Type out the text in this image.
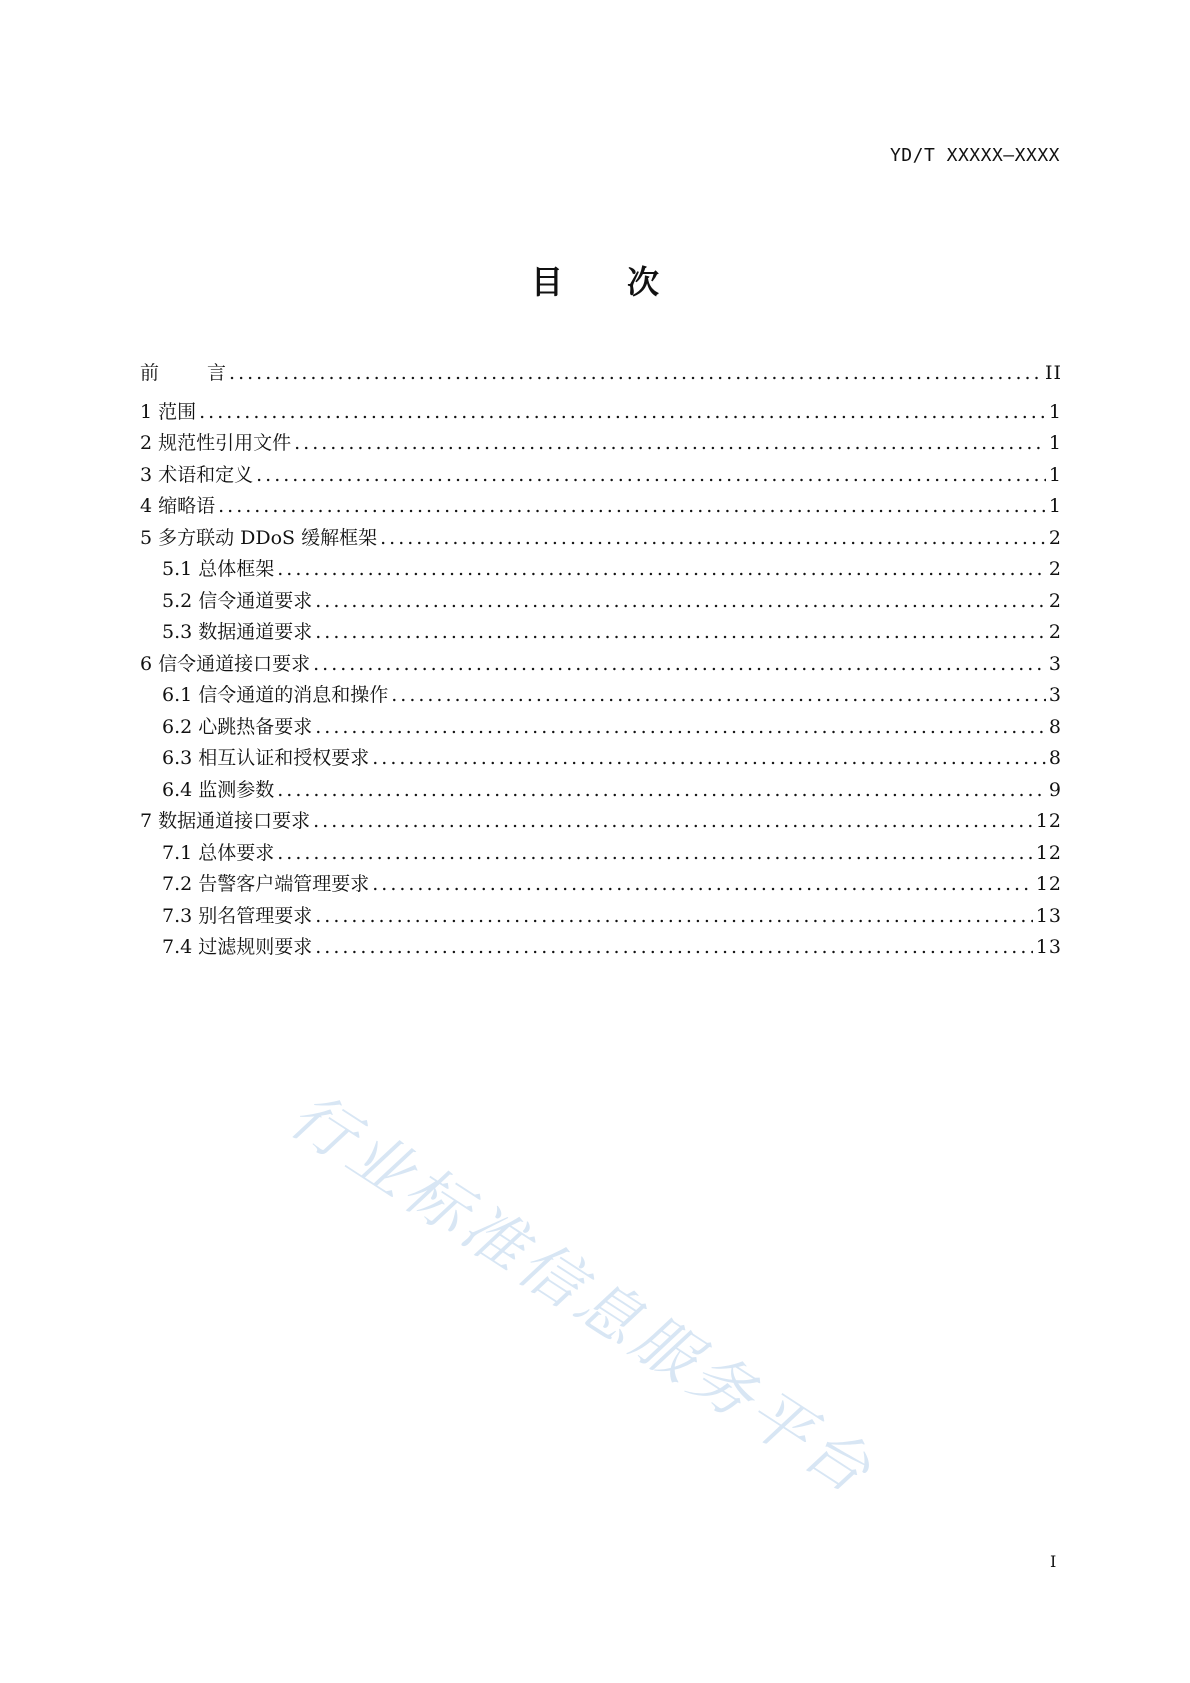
YD/T XXXXX—XXXX
目 次
前	言 .....	II
1 范围 .....	1
2 规范性引用文件 .....	1
3 术语和定义 .....	1
4 缩略语 .....	1
5 多方联动 DDoS 缓解框架 .....	2
5.1 总体框架 .....	2
5.2 信令通道要求 .....	2
5.3 数据通道要求 .....	2
6 信令通道接口要求 .....	3
6.1 信令通道的消息和操作 .....	3
6.2 心跳热备要求 .....	8
6.3 相互认证和授权要求 .....	8
6.4 监测参数 .....	9
7 数据通道接口要求 .....	12
7.1 总体要求 .....	12
7.2 告警客户端管理要求 .....	12
7.3 别名管理要求 .....	13
7.4 过滤规则要求 .....	13
行业标准信息服务平台
I
